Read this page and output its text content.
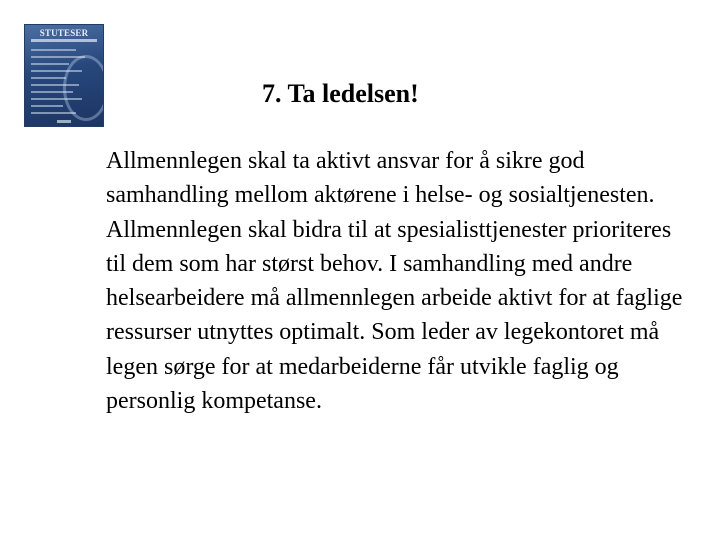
STUTESER
7. Ta ledelsen!

Allmennlegen skal ta aktivt ansvar for å sikre god samhandling mellom aktørene i helse- og sosialtjenesten. Allmennlegen skal bidra til at spesialisttjenester prioriteres til dem som har størst behov. I samhandling med andre helsearbeidere må allmennlegen arbeide aktivt for at faglige ressurser utnyttes optimalt. Som leder av legekontoret må legen sørge for at medarbeiderne får utvikle faglig og personlig kompetanse.
